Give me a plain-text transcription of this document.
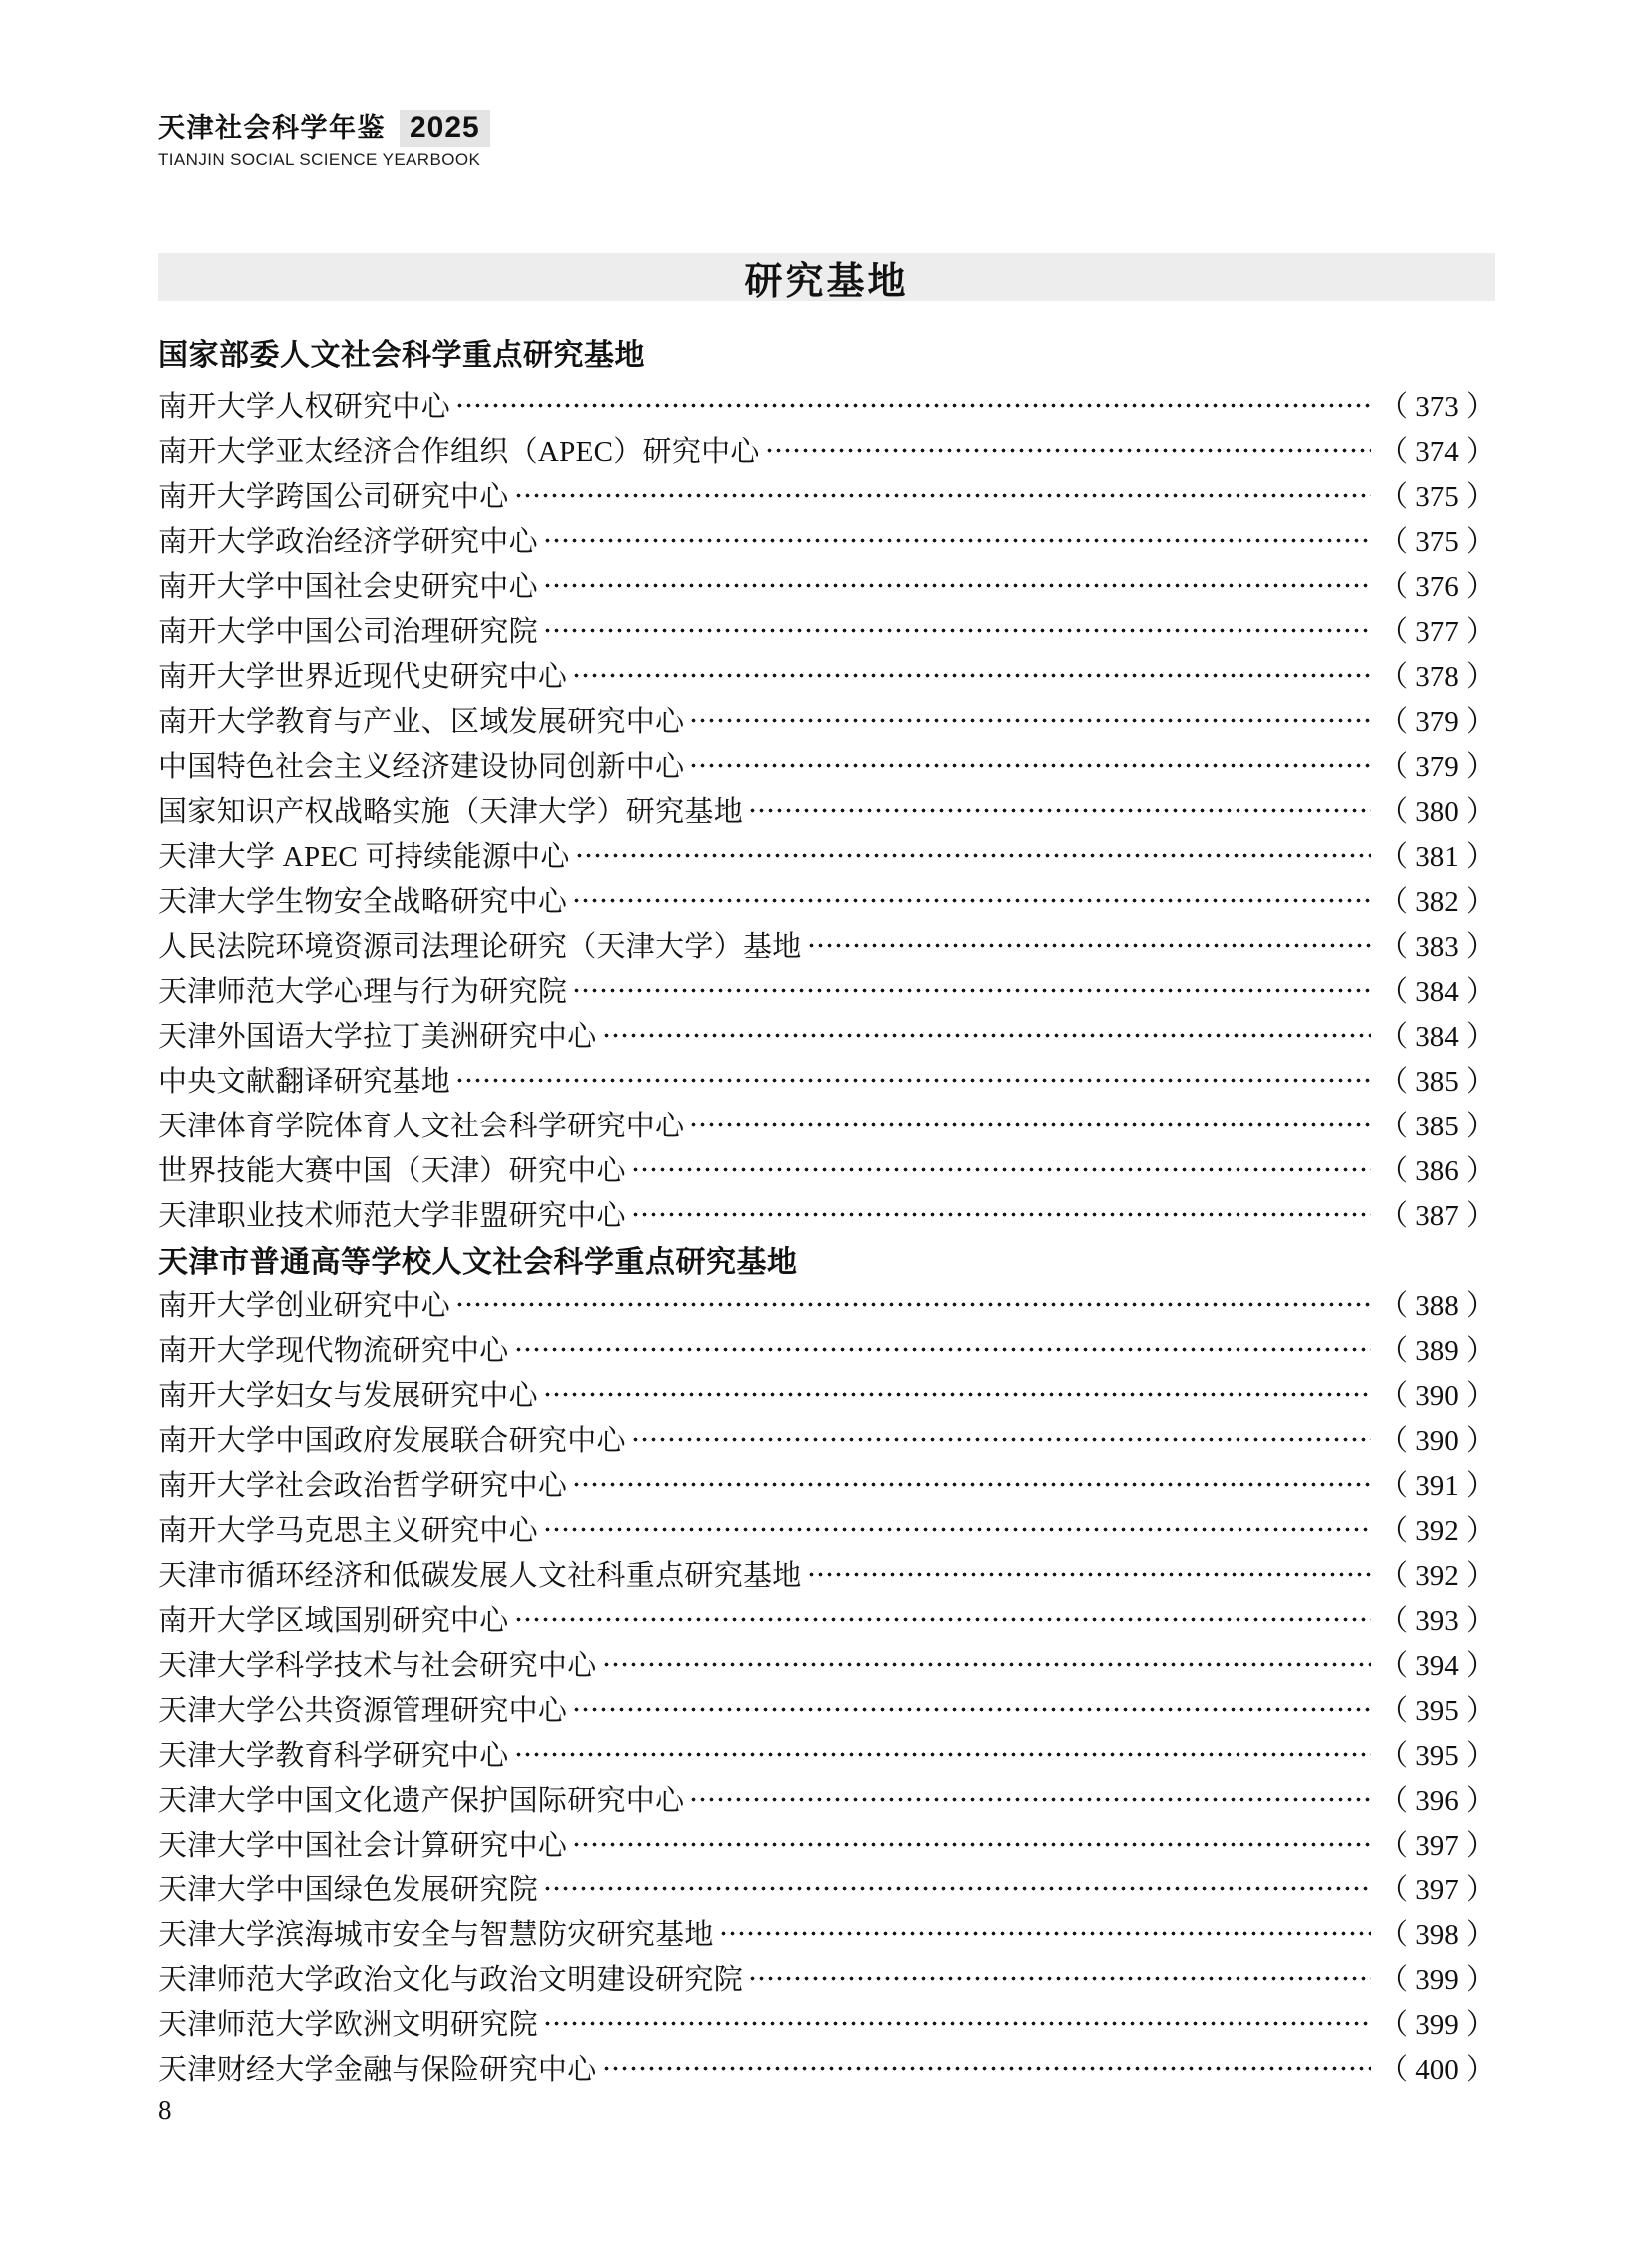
天津社会科学年鉴 2025
TIANJIN SOCIAL SCIENCE YEARBOOK
研究基地
国家部委人文社会科学重点研究基地
南开大学人权研究中心	（ 373 ）
南开大学亚太经济合作组织（APEC）研究中心	（ 374 ）
南开大学跨国公司研究中心	（ 375 ）
南开大学政治经济学研究中心	（ 375 ）
南开大学中国社会史研究中心	（ 376 ）
南开大学中国公司治理研究院	（ 377 ）
南开大学世界近现代史研究中心	（ 378 ）
南开大学教育与产业、区域发展研究中心	（ 379 ）
中国特色社会主义经济建设协同创新中心	（ 379 ）
国家知识产权战略实施（天津大学）研究基地	（ 380 ）
天津大学 APEC 可持续能源中心	（ 381 ）
天津大学生物安全战略研究中心	（ 382 ）
人民法院环境资源司法理论研究（天津大学）基地	（ 383 ）
天津师范大学心理与行为研究院	（ 384 ）
天津外国语大学拉丁美洲研究中心	（ 384 ）
中央文献翻译研究基地	（ 385 ）
天津体育学院体育人文社会科学研究中心	（ 385 ）
世界技能大赛中国（天津）研究中心	（ 386 ）
天津职业技术师范大学非盟研究中心	（ 387 ）
天津市普通高等学校人文社会科学重点研究基地
南开大学创业研究中心	（ 388 ）
南开大学现代物流研究中心	（ 389 ）
南开大学妇女与发展研究中心	（ 390 ）
南开大学中国政府发展联合研究中心	（ 390 ）
南开大学社会政治哲学研究中心	（ 391 ）
南开大学马克思主义研究中心	（ 392 ）
天津市循环经济和低碳发展人文社科重点研究基地	（ 392 ）
南开大学区域国别研究中心	（ 393 ）
天津大学科学技术与社会研究中心	（ 394 ）
天津大学公共资源管理研究中心	（ 395 ）
天津大学教育科学研究中心	（ 395 ）
天津大学中国文化遗产保护国际研究中心	（ 396 ）
天津大学中国社会计算研究中心	（ 397 ）
天津大学中国绿色发展研究院	（ 397 ）
天津大学滨海城市安全与智慧防灾研究基地	（ 398 ）
天津师范大学政治文化与政治文明建设研究院	（ 399 ）
天津师范大学欧洲文明研究院	（ 399 ）
天津财经大学金融与保险研究中心	（ 400 ）
8
